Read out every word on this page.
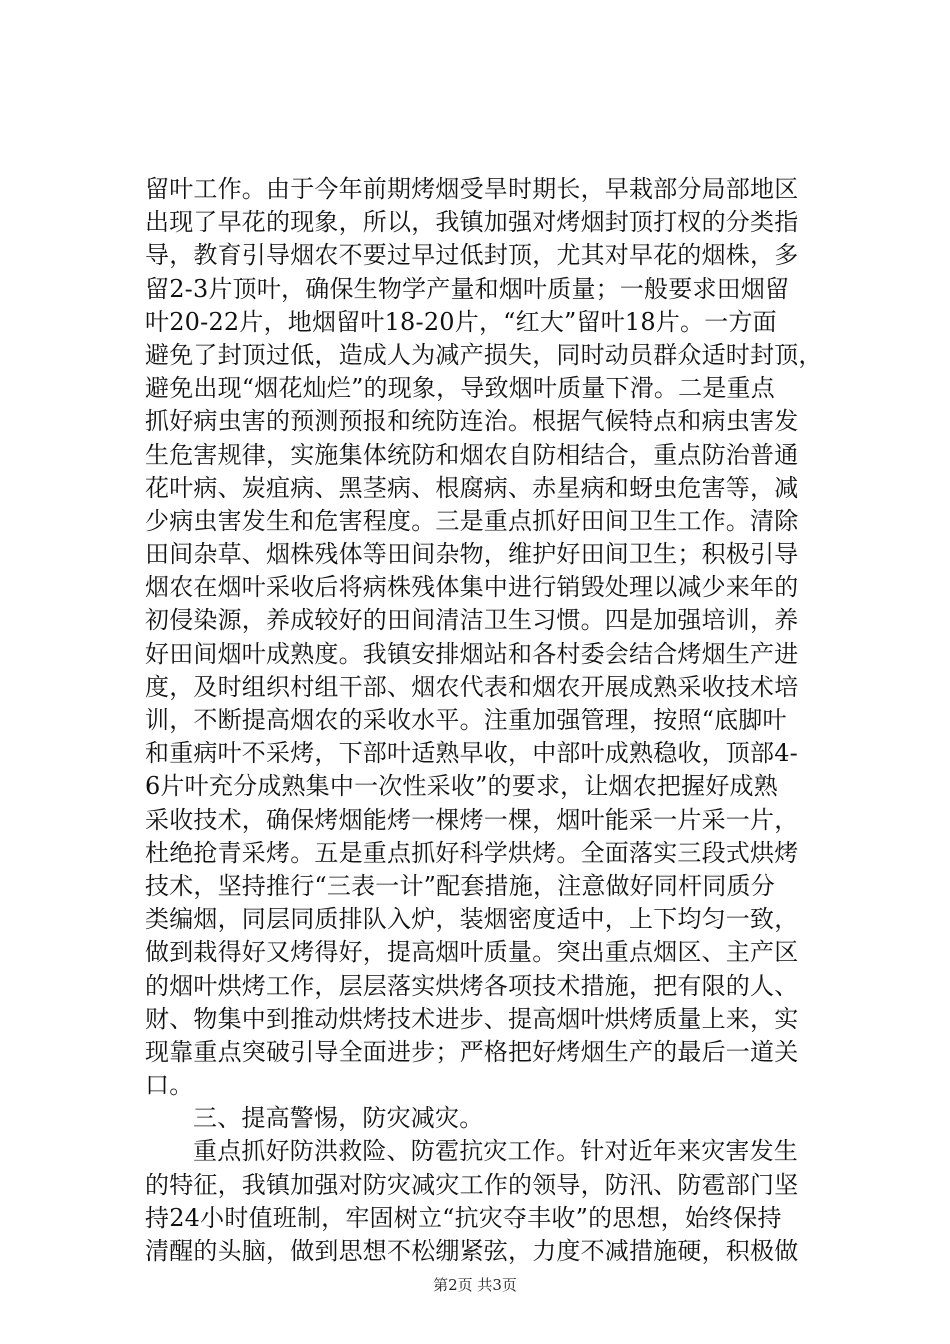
留叶工作。由于今年前期烤烟受旱时期长，早栽部分局部地区
出现了早花的现象，所以，我镇加强对烤烟封顶打杈的分类指
导，教育引导烟农不要过早过低封顶，尤其对早花的烟株，多
留2-3片顶叶，确保生物学产量和烟叶质量；一般要求田烟留
叶20-22片，地烟留叶18-20片，“红大”留叶18片。一方面
避免了封顶过低，造成人为减产损失，同时动员群众适时封顶，
避免出现“烟花灿烂”的现象，导致烟叶质量下滑。二是重点
抓好病虫害的预测预报和统防连治。根据气候特点和病虫害发
生危害规律，实施集体统防和烟农自防相结合，重点防治普通
花叶病、炭疽病、黑茎病、根腐病、赤星病和蚜虫危害等，减
少病虫害发生和危害程度。三是重点抓好田间卫生工作。清除
田间杂草、烟株残体等田间杂物，维护好田间卫生；积极引导
烟农在烟叶采收后将病株残体集中进行销毁处理以减少来年的
初侵染源，养成较好的田间清洁卫生习惯。四是加强培训，养
好田间烟叶成熟度。我镇安排烟站和各村委会结合烤烟生产进
度，及时组织村组干部、烟农代表和烟农开展成熟采收技术培
训，不断提高烟农的采收水平。注重加强管理，按照“底脚叶
和重病叶不采烤，下部叶适熟早收，中部叶成熟稳收，顶部4-
6片叶充分成熟集中一次性采收”的要求，让烟农把握好成熟
采收技术，确保烤烟能烤一棵烤一棵，烟叶能采一片采一片，
杜绝抢青采烤。五是重点抓好科学烘烤。全面落实三段式烘烤
技术，坚持推行“三表一计”配套措施，注意做好同杆同质分
类编烟，同层同质排队入炉，装烟密度适中，上下均匀一致，
做到栽得好又烤得好，提高烟叶质量。突出重点烟区、主产区
的烟叶烘烤工作，层层落实烘烤各项技术措施，把有限的人、
财、物集中到推动烘烤技术进步、提高烟叶烘烤质量上来，实
现靠重点突破引导全面进步；严格把好烤烟生产的最后一道关
口。
三、提高警惕，防灾减灾。
重点抓好防洪救险、防雹抗灾工作。针对近年来灾害发生
的特征，我镇加强对防灾减灾工作的领导，防汛、防雹部门坚
持24小时值班制，牢固树立“抗灾夺丰收”的思想，始终保持
清醒的头脑，做到思想不松绷紧弦，力度不减措施硬，积极做
第2页 共3页
